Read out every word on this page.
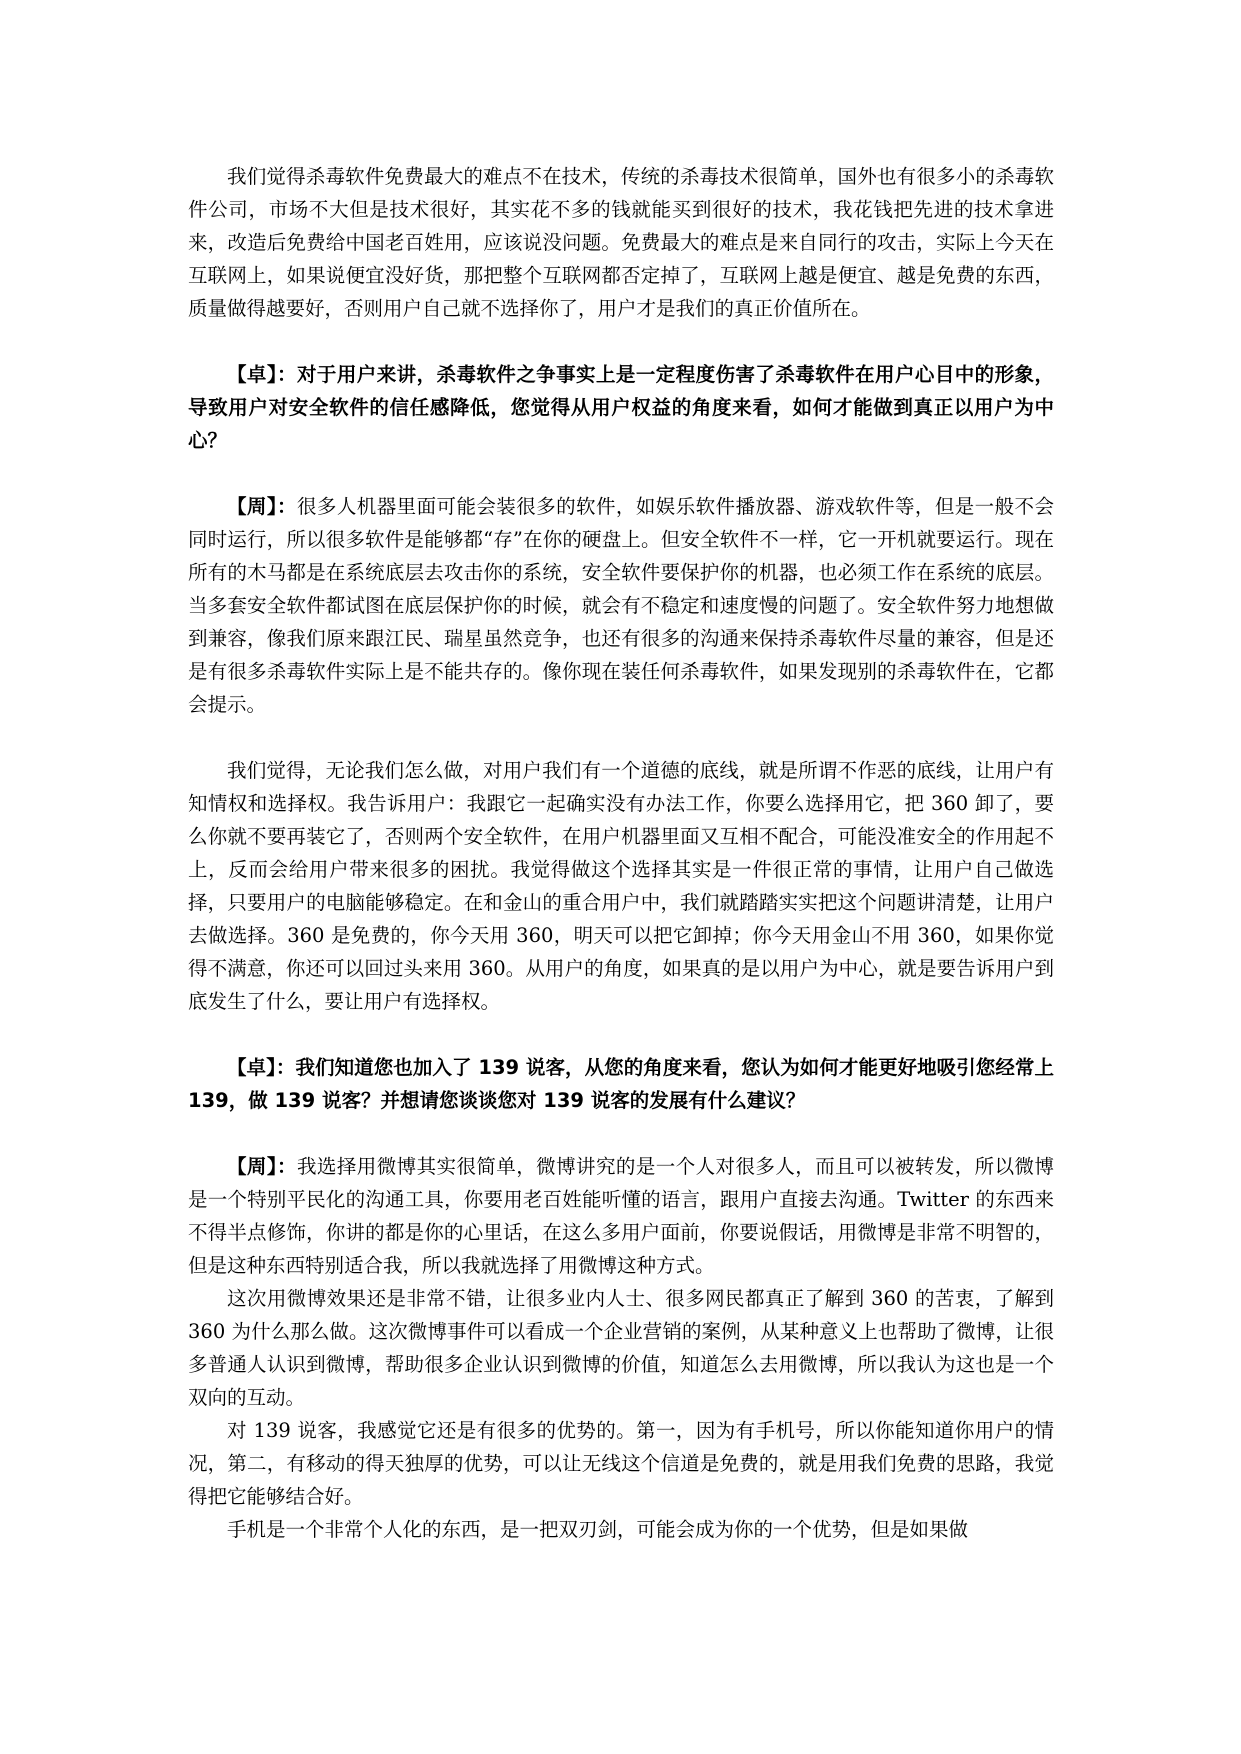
我们觉得杀毒软件免费最大的难点不在技术，传统的杀毒技术很简单，国外也有很多小的杀毒软件公司，市场不大但是技术很好，其实花不多的钱就能买到很好的技术，我花钱把先进的技术拿进来，改造后免费给中国老百姓用，应该说没问题。免费最大的难点是来自同行的攻击，实际上今天在互联网上，如果说便宜没好货，那把整个互联网都否定掉了，互联网上越是便宜、越是免费的东西，质量做得越要好，否则用户自己就不选择你了，用户才是我们的真正价值所在。

【卓】：对于用户来讲，杀毒软件之争事实上是一定程度伤害了杀毒软件在用户心目中的形象，导致用户对安全软件的信任感降低，您觉得从用户权益的角度来看，如何才能做到真正以用户为中心？

【周】：很多人机器里面可能会装很多的软件，如娱乐软件播放器、游戏软件等，但是一般不会同时运行，所以很多软件是能够都“存”在你的硬盘上。但安全软件不一样，它一开机就要运行。现在所有的木马都是在系统底层去攻击你的系统，安全软件要保护你的机器，也必须工作在系统的底层。当多套安全软件都试图在底层保护你的时候，就会有不稳定和速度慢的问题了。安全软件努力地想做到兼容，像我们原来跟江民、瑞星虽然竞争，也还有很多的沟通来保持杀毒软件尽量的兼容，但是还是有很多杀毒软件实际上是不能共存的。像你现在装任何杀毒软件，如果发现别的杀毒软件在，它都会提示。

我们觉得，无论我们怎么做，对用户我们有一个道德的底线，就是所谓不作恶的底线，让用户有知情权和选择权。我告诉用户：我跟它一起确实没有办法工作，你要么选择用它，把 360 卸了，要么你就不要再装它了，否则两个安全软件，在用户机器里面又互相不配合，可能没准安全的作用起不上，反而会给用户带来很多的困扰。我觉得做这个选择其实是一件很正常的事情，让用户自己做选择，只要用户的电脑能够稳定。在和金山的重合用户中，我们就踏踏实实把这个问题讲清楚，让用户去做选择。360 是免费的，你今天用 360，明天可以把它卸掉；你今天用金山不用 360，如果你觉得不满意，你还可以回过头来用 360。从用户的角度，如果真的是以用户为中心，就是要告诉用户到底发生了什么，要让用户有选择权。

【卓】：我们知道您也加入了 139 说客，从您的角度来看，您认为如何才能更好地吸引您经常上 139，做 139 说客？并想请您谈谈您对 139 说客的发展有什么建议？

【周】：我选择用微博其实很简单，微博讲究的是一个人对很多人，而且可以被转发，所以微博是一个特别平民化的沟通工具，你要用老百姓能听懂的语言，跟用户直接去沟通。Twitter 的东西来不得半点修饰，你讲的都是你的心里话，在这么多用户面前，你要说假话，用微博是非常不明智的，但是这种东西特别适合我，所以我就选择了用微博这种方式。

这次用微博效果还是非常不错，让很多业内人士、很多网民都真正了解到 360 的苦衷，了解到 360 为什么那么做。这次微博事件可以看成一个企业营销的案例，从某种意义上也帮助了微博，让很多普通人认识到微博，帮助很多企业认识到微博的价值，知道怎么去用微博，所以我认为这也是一个双向的互动。

对 139 说客，我感觉它还是有很多的优势的。第一，因为有手机号，所以你能知道你用户的情况，第二，有移动的得天独厚的优势，可以让无线这个信道是免费的，就是用我们免费的思路，我觉得把它能够结合好。

手机是一个非常个人化的东西，是一把双刃剑，可能会成为你的一个优势，但是如果做
